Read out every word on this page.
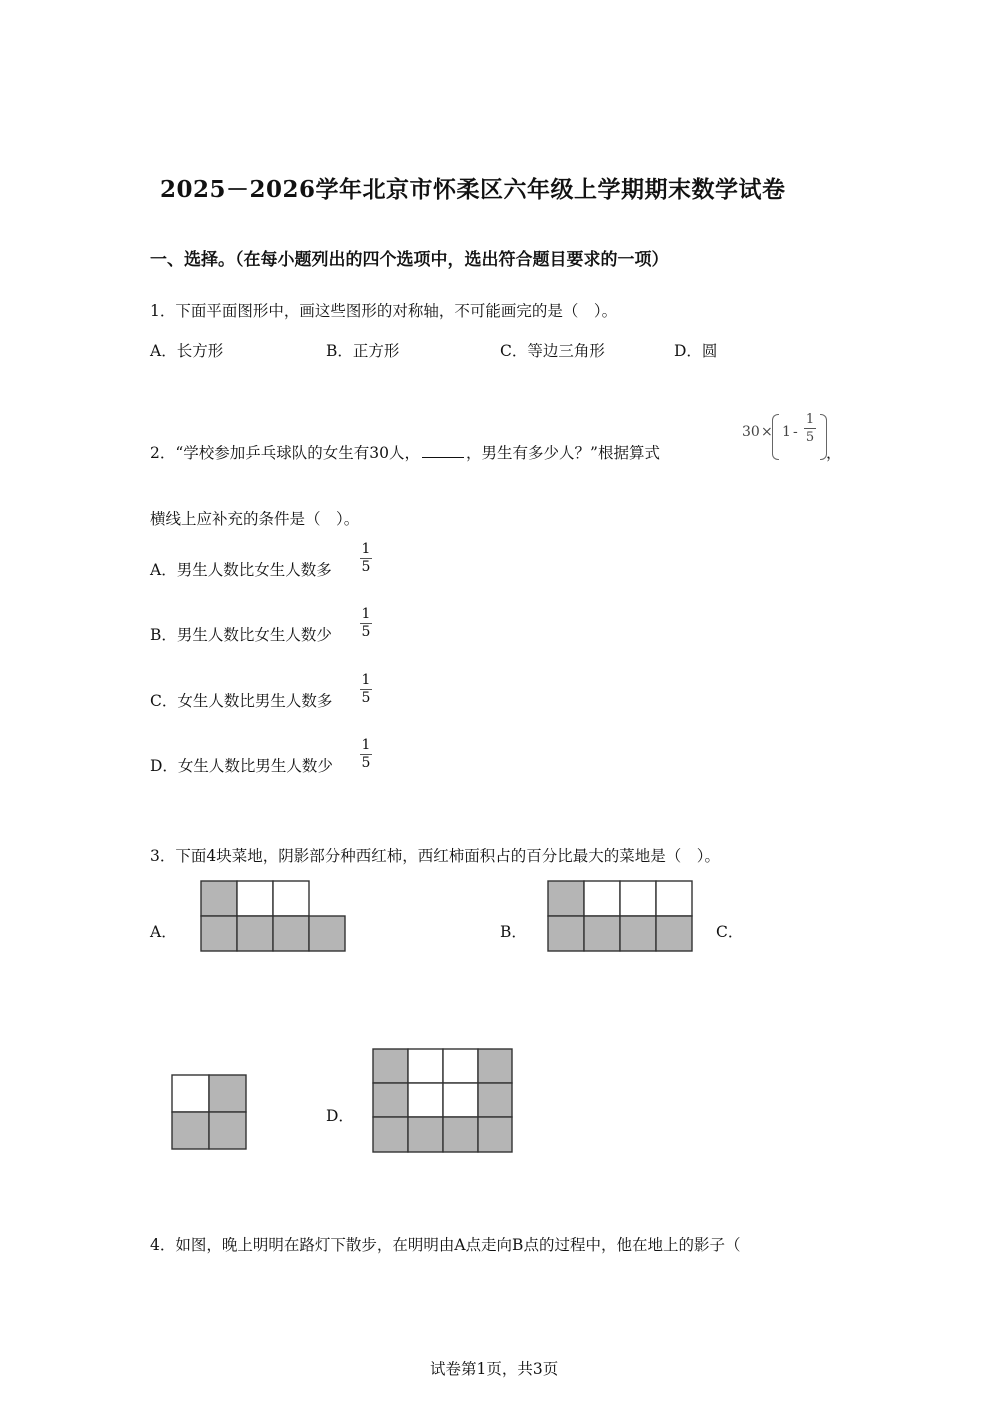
2025－2026学年北京市怀柔区六年级上学期期末数学试卷
一、选择。（在每小题列出的四个选项中，选出符合题目要求的一项）
1．下面平面图形中，画这些图形的对称轴，不可能画完的是（　）。
A．长方形	B．正方形	C．等边三角形	D．圆
2．“学校参加乒乓球队的女生有30人，	，男生有多少人？”根据算式
30 × 1 -
1
5
，
横线上应补充的条件是（　）。
A．男生人数比女生人数多
1
5
B．男生人数比女生人数少
1
5
C．女生人数比男生人数多
1
5
D．女生人数比男生人数少
1
5
3．下面4块菜地，阴影部分种西红柿，西红柿面积占的百分比最大的菜地是（　）。
A．	B．	C．
D．
4．如图，晚上明明在路灯下散步，在明明由A点走向B点的过程中，他在地上的影子（
试卷第1页，共3页
